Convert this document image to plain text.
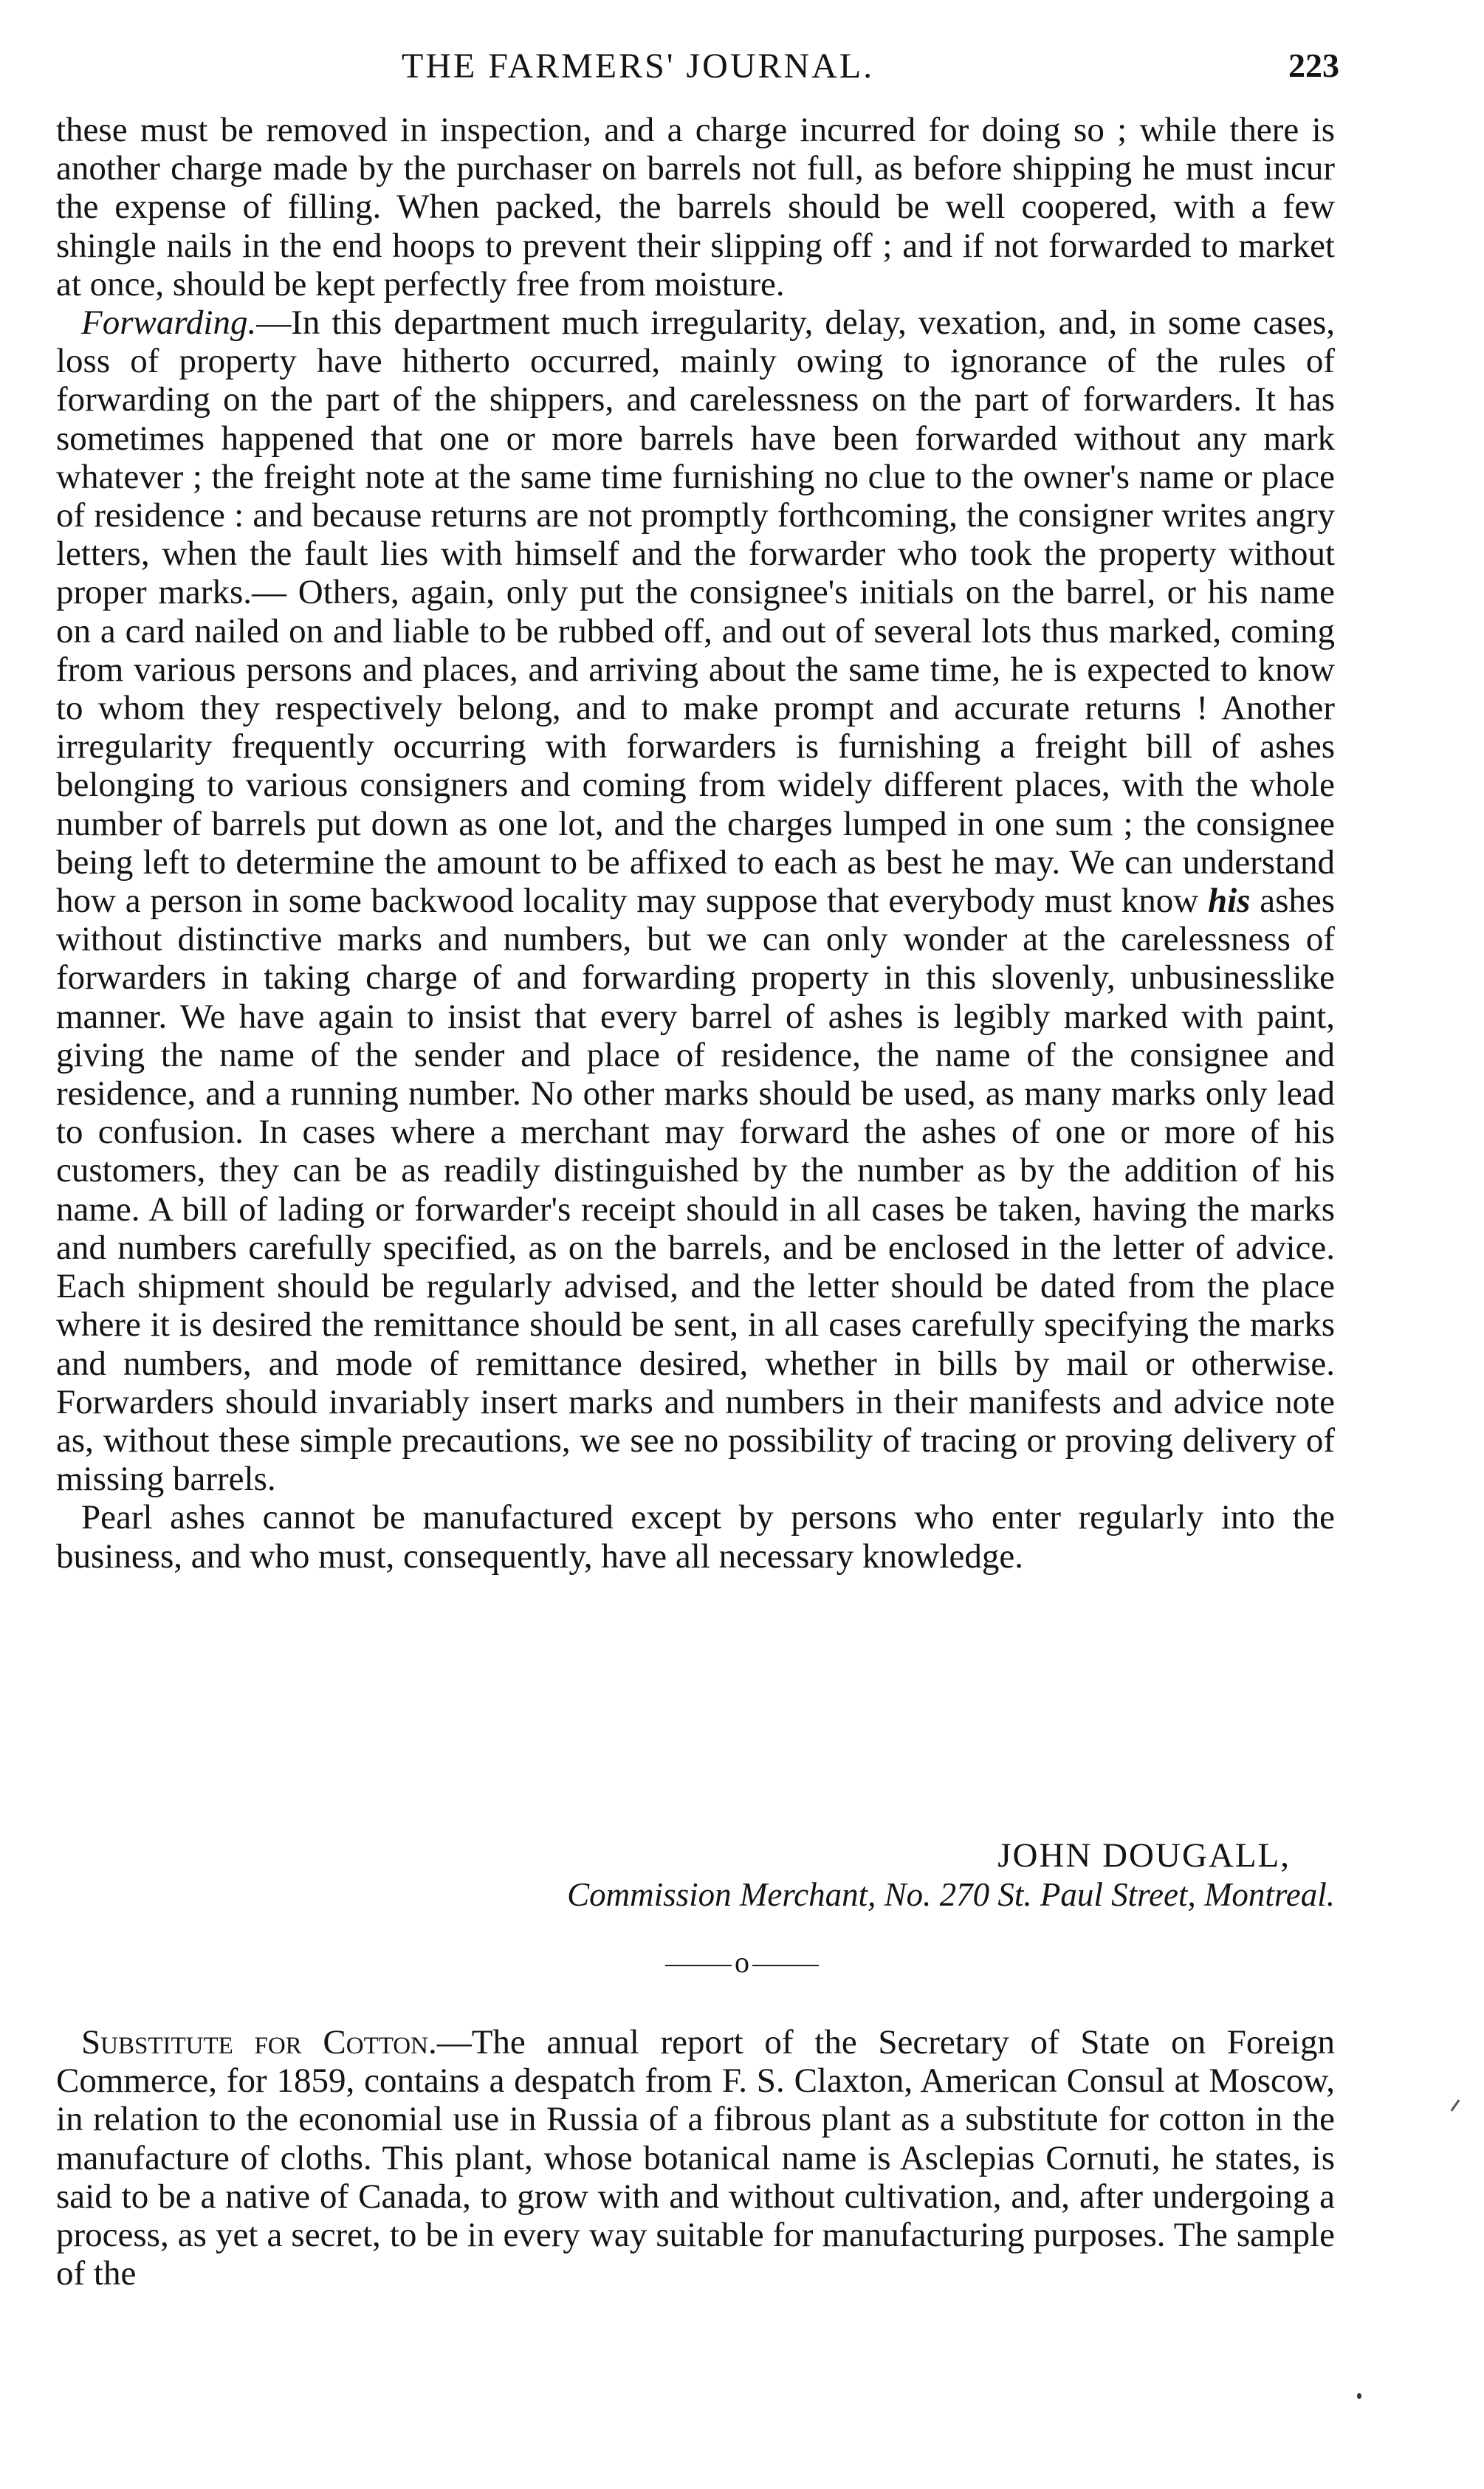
THE FARMERS' JOURNAL.	223

these must be removed in inspection, and a charge incurred for doing so ; while there is another charge made by the purchaser on barrels not full, as before shipping he must incur the expense of filling. When packed, the barrels should be well coopered, with a few shingle nails in the end hoops to prevent their slipping off ; and if not forwarded to market at once, should be kept perfectly free from moisture.

Forwarding.—In this department much irregularity, delay, vexation, and, in some cases, loss of property have hitherto occurred, mainly owing to ignorance of the rules of forwarding on the part of the shippers, and carelessness on the part of forwarders. It has sometimes happened that one or more barrels have been forwarded without any mark whatever ; the freight note at the same time furnishing no clue to the owner's name or place of residence : and because returns are not promptly forthcoming, the consigner writes angry letters, when the fault lies with himself and the forwarder who took the property without proper marks.— Others, again, only put the consignee's initials on the barrel, or his name on a card nailed on and liable to be rubbed off, and out of several lots thus marked, coming from various persons and places, and arriving about the same time, he is expected to know to whom they respectively belong, and to make prompt and accurate returns ! Another irregularity frequently occurring with forwarders is furnishing a freight bill of ashes belonging to various consigners and coming from widely different places, with the whole number of barrels put down as one lot, and the charges lumped in one sum ; the consignee being left to determine the amount to be affixed to each as best he may. We can understand how a person in some backwood locality may suppose that everybody must know his ashes without distinctive marks and numbers, but we can only wonder at the carelessness of forwarders in taking charge of and forwarding property in this slovenly, unbusinesslike manner. We have again to insist that every barrel of ashes is legibly marked with paint, giving the name of the sender and place of residence, the name of the consignee and residence, and a running number. No other marks should be used, as many marks only lead to confusion. In cases where a merchant may forward the ashes of one or more of his customers, they can be as readily distinguished by the number as by the addition of his name. A bill of lading or forwarder's receipt should in all cases be taken, having the marks and numbers carefully specified, as on the barrels, and be enclosed in the letter of advice. Each shipment should be regularly advised, and the letter should be dated from the place where it is desired the remittance should be sent, in all cases carefully specifying the marks and numbers, and mode of remittance desired, whether in bills by mail or otherwise. Forwarders should invariably insert marks and numbers in their manifests and advice note as, without these simple precautions, we see no possibility of tracing or proving delivery of missing barrels.

Pearl ashes cannot be manufactured except by persons who enter regularly into the business, and who must, consequently, have all necessary knowledge.

JOHN DOUGALL,
Commission Merchant, No. 270 St. Paul Street, Montreal.
o

Substitute for Cotton.—The annual report of the Secretary of State on Foreign Commerce, for 1859, contains a despatch from F. S. Claxton, American Consul at Moscow, in relation to the economial use in Russia of a fibrous plant as a substitute for cotton in the manufacture of cloths. This plant, whose botanical name is Asclepias Cornuti, he states, is said to be a native of Canada, to grow with and without cultivation, and, after undergoing a process, as yet a secret, to be in every way suitable for manufacturing purposes. The sample of the
